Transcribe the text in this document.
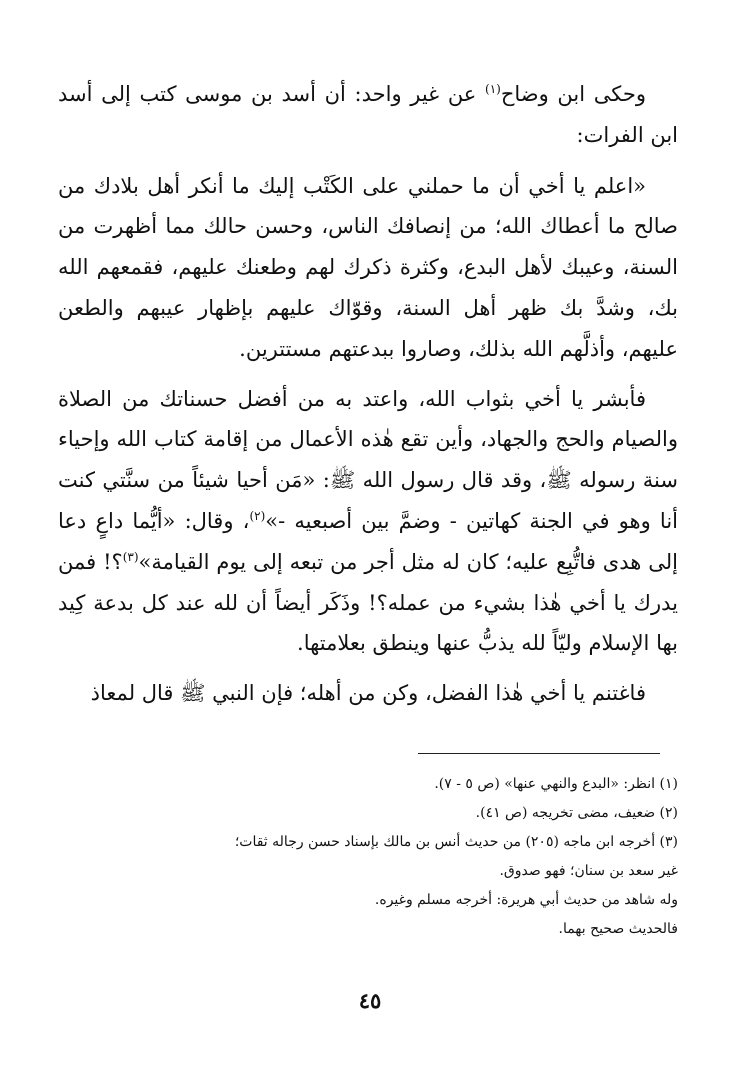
وحكى ابن وضاح$^{(١)}$ عن غير واحد: أن أسد بن موسى كتب إلى أسد ابن الفرات:

«اعلم يا أخي أن ما حملني على الكَتْب إليك ما أنكر أهل بلادك من صالح ما أعطاك الله؛ من إنصافك الناس، وحسن حالك مما أظهرت من السنة، وعيبك لأهل البدع، وكثرة ذكرك لهم وطعنك عليهم، فقمعهم الله بك، وشدَّ بك ظهر أهل السنة، وقوّاك عليهم بإظهار عيبهم والطعن عليهم، وأذلَّهم الله بذلك، وصاروا ببدعتهم مستترين.

فأبشر يا أخي بثواب الله، واعتد به من أفضل حسناتك من الصلاة والصيام والحج والجهاد، وأين تقع هٰذه الأعمال من إقامة كتاب الله وإحياء سنة رسوله ﷺ، وقد قال رسول الله ﷺ: «مَن أحيا شيئاً من سنَّتي كنت أنا وهو في الجنة كهاتين - وضمَّ بين أصبعيه -»$^{(٢)}$، وقال: «أيُّما داعٍ دعا إلى هدى فاتُّبِع عليه؛ كان له مثل أجر من تبعه إلى يوم القيامة»$^{(٣)}$؟! فمن يدرك يا أخي هٰذا بشيء من عمله؟! وذَكَر أيضاً أن لله عند كل بدعة كِيد بها الإسلام وليّاً لله يذبُّ عنها وينطق بعلامتها.

فاغتنم يا أخي هٰذا الفضل، وكن من أهله؛ فإن النبي ﷺ قال لمعاذ

(١) انظر: «البدع والنهي عنها» (ص ٥ - ٧).

(٢) ضعيف، مضى تخريجه (ص ٤١).

(٣) أخرجه ابن ماجه (٢٠٥) من حديث أنس بن مالك بإسناد حسن رجاله ثقات؛

غير سعد بن سنان؛ فهو صدوق.

وله شاهد من حديث أبي هريرة: أخرجه مسلم وغيره.

فالحديث صحيح بهما.

٤٥
